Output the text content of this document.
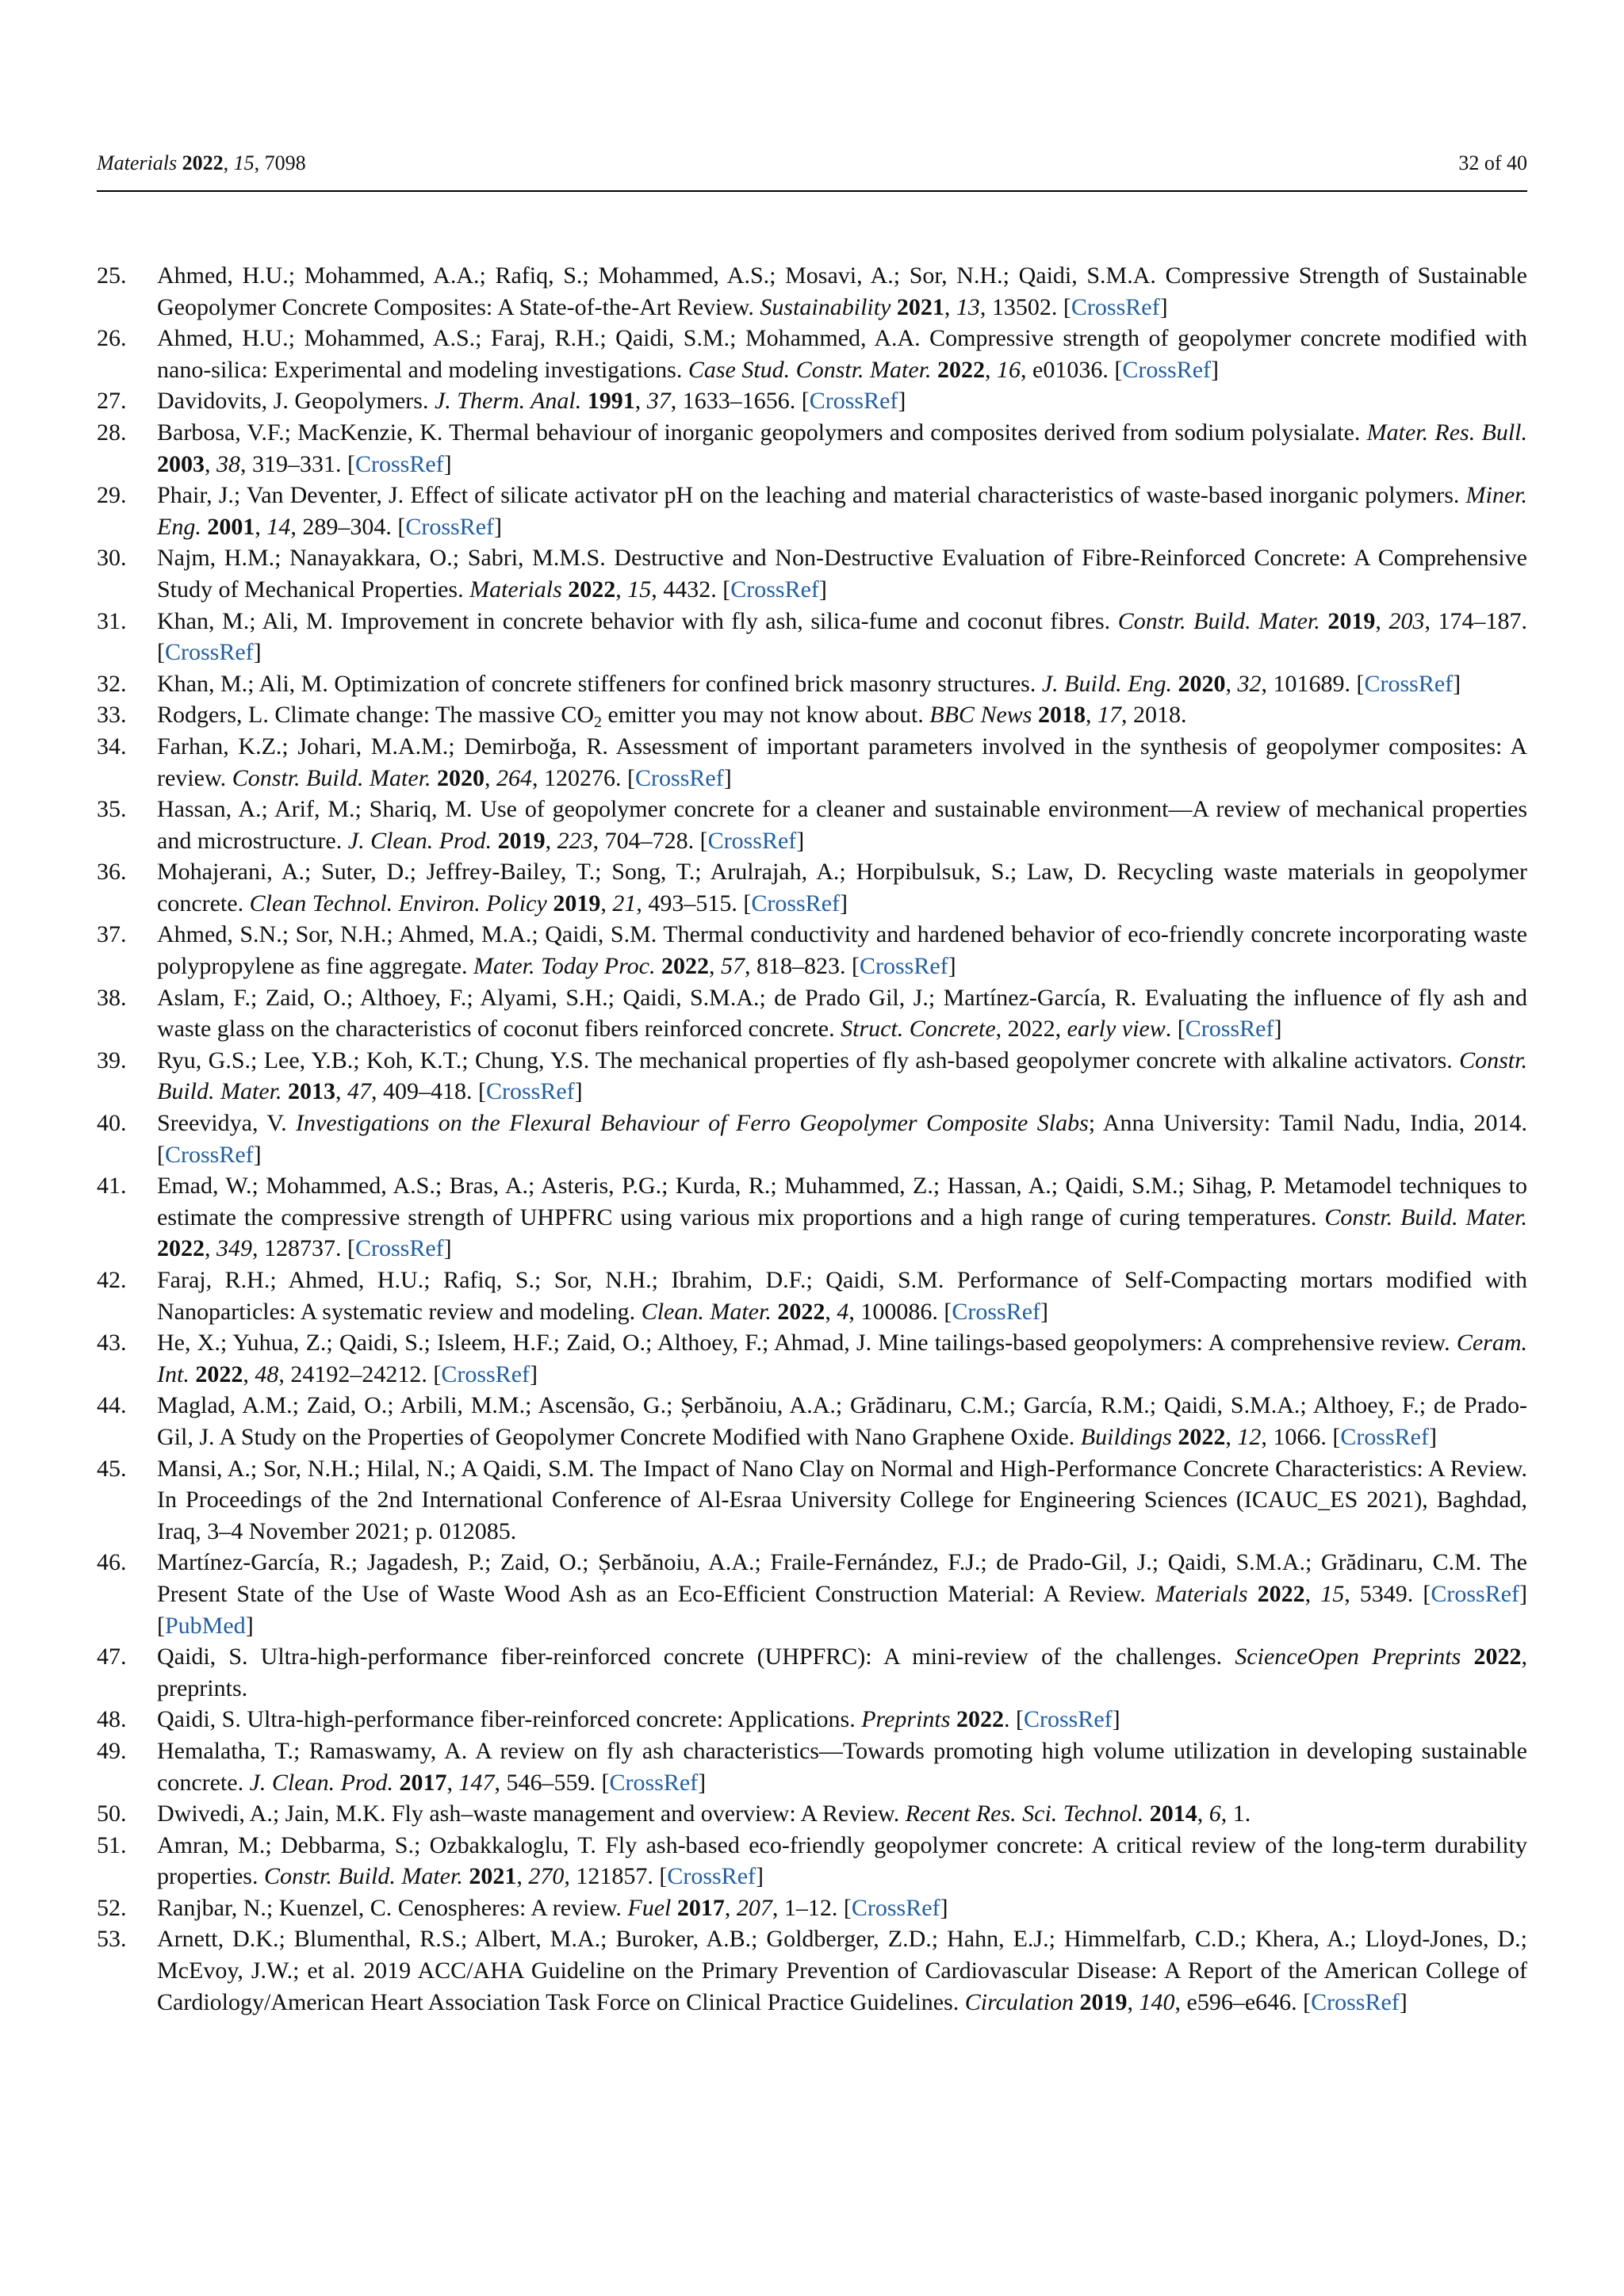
Materials 2022, 15, 7098	32 of 40
25. Ahmed, H.U.; Mohammed, A.A.; Rafiq, S.; Mohammed, A.S.; Mosavi, A.; Sor, N.H.; Qaidi, S.M.A. Compressive Strength of Sustainable Geopolymer Concrete Composites: A State-of-the-Art Review. Sustainability 2021, 13, 13502. [CrossRef]
26. Ahmed, H.U.; Mohammed, A.S.; Faraj, R.H.; Qaidi, S.M.; Mohammed, A.A. Compressive strength of geopolymer concrete modified with nano-silica: Experimental and modeling investigations. Case Stud. Constr. Mater. 2022, 16, e01036. [CrossRef]
27. Davidovits, J. Geopolymers. J. Therm. Anal. 1991, 37, 1633–1656. [CrossRef]
28. Barbosa, V.F.; MacKenzie, K. Thermal behaviour of inorganic geopolymers and composites derived from sodium polysialate. Mater. Res. Bull. 2003, 38, 319–331. [CrossRef]
29. Phair, J.; Van Deventer, J. Effect of silicate activator pH on the leaching and material characteristics of waste-based inorganic polymers. Miner. Eng. 2001, 14, 289–304. [CrossRef]
30. Najm, H.M.; Nanayakkara, O.; Sabri, M.M.S. Destructive and Non-Destructive Evaluation of Fibre-Reinforced Concrete: A Comprehensive Study of Mechanical Properties. Materials 2022, 15, 4432. [CrossRef]
31. Khan, M.; Ali, M. Improvement in concrete behavior with fly ash, silica-fume and coconut fibres. Constr. Build. Mater. 2019, 203, 174–187. [CrossRef]
32. Khan, M.; Ali, M. Optimization of concrete stiffeners for confined brick masonry structures. J. Build. Eng. 2020, 32, 101689. [CrossRef]
33. Rodgers, L. Climate change: The massive $CO_2$ emitter you may not know about. BBC News 2018, 17, 2018.
34. Farhan, K.Z.; Johari, M.A.M.; Demirboğa, R. Assessment of important parameters involved in the synthesis of geopolymer composites: A review. Constr. Build. Mater. 2020, 264, 120276. [CrossRef]
35. Hassan, A.; Arif, M.; Shariq, M. Use of geopolymer concrete for a cleaner and sustainable environment—A review of mechanical properties and microstructure. J. Clean. Prod. 2019, 223, 704–728. [CrossRef]
36. Mohajerani, A.; Suter, D.; Jeffrey-Bailey, T.; Song, T.; Arulrajah, A.; Horpibulsuk, S.; Law, D. Recycling waste materials in geopolymer concrete. Clean Technol. Environ. Policy 2019, 21, 493–515. [CrossRef]
37. Ahmed, S.N.; Sor, N.H.; Ahmed, M.A.; Qaidi, S.M. Thermal conductivity and hardened behavior of eco-friendly concrete incorporating waste polypropylene as fine aggregate. Mater. Today Proc. 2022, 57, 818–823. [CrossRef]
38. Aslam, F.; Zaid, O.; Althoey, F.; Alyami, S.H.; Qaidi, S.M.A.; de Prado Gil, J.; Martínez-García, R. Evaluating the influence of fly ash and waste glass on the characteristics of coconut fibers reinforced concrete. Struct. Concrete, 2022, early view. [CrossRef]
39. Ryu, G.S.; Lee, Y.B.; Koh, K.T.; Chung, Y.S. The mechanical properties of fly ash-based geopolymer concrete with alkaline activators. Constr. Build. Mater. 2013, 47, 409–418. [CrossRef]
40. Sreevidya, V. Investigations on the Flexural Behaviour of Ferro Geopolymer Composite Slabs; Anna University: Tamil Nadu, India, 2014. [CrossRef]
41. Emad, W.; Mohammed, A.S.; Bras, A.; Asteris, P.G.; Kurda, R.; Muhammed, Z.; Hassan, A.; Qaidi, S.M.; Sihag, P. Metamodel techniques to estimate the compressive strength of UHPFRC using various mix proportions and a high range of curing temperatures. Constr. Build. Mater. 2022, 349, 128737. [CrossRef]
42. Faraj, R.H.; Ahmed, H.U.; Rafiq, S.; Sor, N.H.; Ibrahim, D.F.; Qaidi, S.M. Performance of Self-Compacting mortars modified with Nanoparticles: A systematic review and modeling. Clean. Mater. 2022, 4, 100086. [CrossRef]
43. He, X.; Yuhua, Z.; Qaidi, S.; Isleem, H.F.; Zaid, O.; Althoey, F.; Ahmad, J. Mine tailings-based geopolymers: A comprehensive review. Ceram. Int. 2022, 48, 24192–24212. [CrossRef]
44. Maglad, A.M.; Zaid, O.; Arbili, M.M.; Ascensão, G.; Șerbănoiu, A.A.; Grădinaru, C.M.; García, R.M.; Qaidi, S.M.A.; Althoey, F.; de Prado-Gil, J. A Study on the Properties of Geopolymer Concrete Modified with Nano Graphene Oxide. Buildings 2022, 12, 1066. [CrossRef]
45. Mansi, A.; Sor, N.H.; Hilal, N.; A Qaidi, S.M. The Impact of Nano Clay on Normal and High-Performance Concrete Characteristics: A Review. In Proceedings of the 2nd International Conference of Al-Esraa University College for Engineering Sciences (ICAUC_ES 2021), Baghdad, Iraq, 3–4 November 2021; p. 012085.
46. Martínez-García, R.; Jagadesh, P.; Zaid, O.; Șerbănoiu, A.A.; Fraile-Fernández, F.J.; de Prado-Gil, J.; Qaidi, S.M.A.; Grădinaru, C.M. The Present State of the Use of Waste Wood Ash as an Eco-Efficient Construction Material: A Review. Materials 2022, 15, 5349. [CrossRef] [PubMed]
47. Qaidi, S. Ultra-high-performance fiber-reinforced concrete (UHPFRC): A mini-review of the challenges. ScienceOpen Preprints 2022, preprints.
48. Qaidi, S. Ultra-high-performance fiber-reinforced concrete: Applications. Preprints 2022. [CrossRef]
49. Hemalatha, T.; Ramaswamy, A. A review on fly ash characteristics—Towards promoting high volume utilization in developing sustainable concrete. J. Clean. Prod. 2017, 147, 546–559. [CrossRef]
50. Dwivedi, A.; Jain, M.K. Fly ash–waste management and overview: A Review. Recent Res. Sci. Technol. 2014, 6, 1.
51. Amran, M.; Debbarma, S.; Ozbakkaloglu, T. Fly ash-based eco-friendly geopolymer concrete: A critical review of the long-term durability properties. Constr. Build. Mater. 2021, 270, 121857. [CrossRef]
52. Ranjbar, N.; Kuenzel, C. Cenospheres: A review. Fuel 2017, 207, 1–12. [CrossRef]
53. Arnett, D.K.; Blumenthal, R.S.; Albert, M.A.; Buroker, A.B.; Goldberger, Z.D.; Hahn, E.J.; Himmelfarb, C.D.; Khera, A.; Lloyd-Jones, D.; McEvoy, J.W.; et al. 2019 ACC/AHA Guideline on the Primary Prevention of Cardiovascular Disease: A Report of the American College of Cardiology/American Heart Association Task Force on Clinical Practice Guidelines. Circulation 2019, 140, e596–e646. [CrossRef]
